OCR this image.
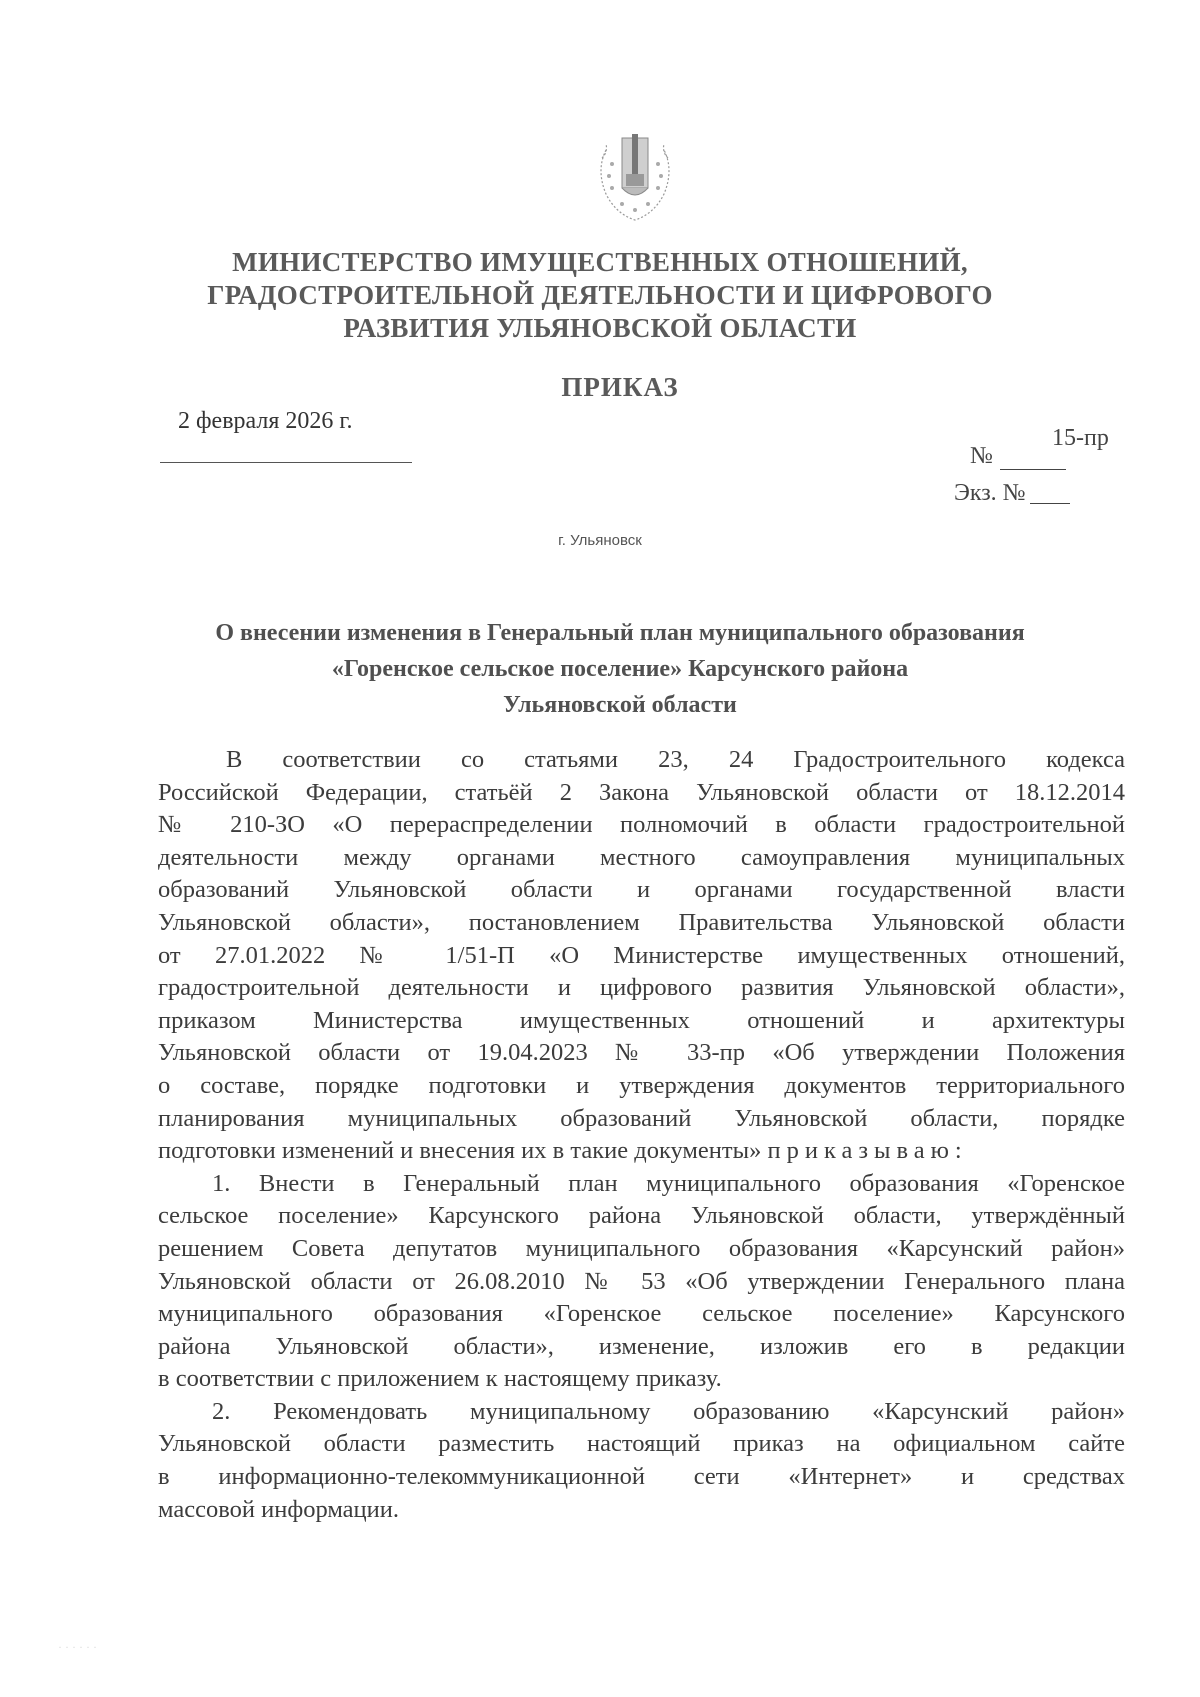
МИНИСТЕРСТВО ИМУЩЕСТВЕННЫХ ОТНОШЕНИЙ,
ГРАДОСТРОИТЕЛЬНОЙ ДЕЯТЕЛЬНОСТИ И ЦИФРОВОГО
РАЗВИТИЯ УЛЬЯНОВСКОЙ ОБЛАСТИ
ПРИКАЗ
2 февраля 2026 г.
№
15-пр
Экз. №
г. Ульяновск
О внесении изменения в Генеральный план муниципального образования
«Горенское сельское поселение» Карсунского района
Ульяновской области
В соответствии со статьями 23, 24 Градостроительного кодекса
Российской Федерации, статьёй 2 Закона Ульяновской области от 18.12.2014
№ 210-ЗО «О перераспределении полномочий в области градостроительной
деятельности между органами местного самоуправления муниципальных
образований Ульяновской области и органами государственной власти
Ульяновской области», постановлением Правительства Ульяновской области
от 27.01.2022 № 1/51-П «О Министерстве имущественных отношений,
градостроительной деятельности и цифрового развития Ульяновской области»,
приказом Министерства имущественных отношений и архитектуры
Ульяновской области от 19.04.2023 № 33-пр «Об утверждении Положения
о составе, порядке подготовки и утверждения документов территориального
планирования муниципальных образований Ульяновской области, порядке
подготовки изменений и внесения их в такие документы» приказываю:
1. Внести в Генеральный план муниципального образования «Горенское
сельское поселение» Карсунского района Ульяновской области, утверждённый
решением Совета депутатов муниципального образования «Карсунский район»
Ульяновской области от 26.08.2010 № 53 «Об утверждении Генерального плана
муниципального образования «Горенское сельское поселение» Карсунского
района Ульяновской области», изменение, изложив его в редакции
в соответствии с приложением к настоящему приказу.
2. Рекомендовать муниципальному образованию «Карсунский район»
Ульяновской области разместить настоящий приказ на официальном сайте
в информационно-телекоммуникационной сети «Интернет» и средствах
массовой информации.
· · · · · ·
